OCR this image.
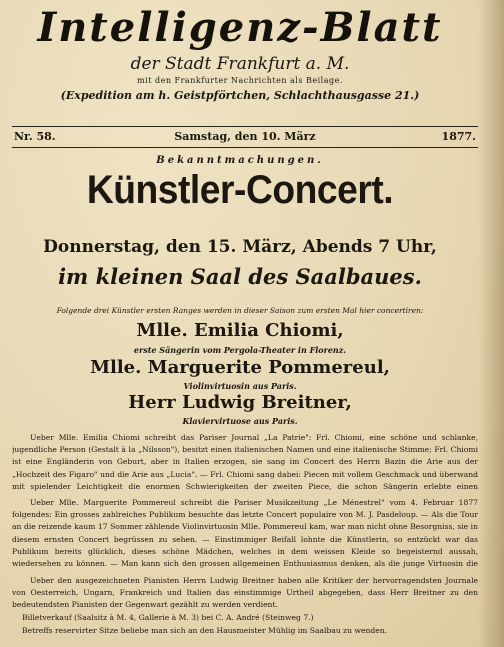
Intelligenz-Blatt
der Stadt Frankfurt a. M.
mit den Frankfurter Nachrichten als Beilage.
(Expedition am h. Geistpförtchen, Schlachthausgasse 21.)
Nr. 58.	Samstag, den 10. März	1877.
Bekanntmachungen.
Künstler-Concert.
Donnerstag, den 15. März, Abends 7 Uhr,
im kleinen Saal des Saalbaues.
Folgende drei Künstler ersten Ranges werden in dieser Saison zum ersten Mal hier concertiren:
Mlle. Emilia Chiomi,
erste Sängerin vom Pergola-Theater in Florenz.
Mlle. Marguerite Pommereul,
Violinvirtuosin aus Paris.
Herr Ludwig Breitner,
Klaviervirtuose aus Paris.
Ueber Mlle. Emilia Chiomi schreibt das Pariser Journal „La Patrie": Frl. Chiomi, eine schöne und schlanke, jugendliche Person (Gestalt à la „Nilsson"), besitzt einen italienischen Namen und eine italienische Stimme; Frl. Chiomi ist eine Engländerin von Geburt, aber in Italien erzogen, sie sang im Concert des Herrn Bazin die Arie aus der „Hochzeit des Figaro" und die Arie aus „Lucia". — Frl. Chiomi sang dabei: Piecen mit vollem Geschmack und überwand mit spielender Leichtigkeit die enormen Schwierigkeiten der zweiten Piece, die schon Sängerin erlebte einen
Ueber Mlle. Marguerite Pommereul schreibt die Pariser Musikzeitung „Le Ménestrel" vom 4. Februar 1877 folgendes: Ein grosses zahlreiches Publikum besuchte das letzte Concert populaire von M. J. Pasdeloup. — Als die Tour an die reizende kaum 17 Sommer zählende Violinvirtuosin Mlle. Pommereul kam, war man nicht ohne Besorgniss, sie in diesem ernsten Concert begrüssen zu sehen. — Einstimmiger Beifall lohnte die Künstlerin, so entzückt war das Publikum bereits glücklich, dieses schöne Mädchen, welches in dem weissen Kleide so begeisternd aussah, wiedersehen zu können. — Man kann sich den grossen allgemeinen Enthusiasmus denken, als die junge Virtuosin die
Ueber den ausgezeichneten Pianisten Herrn Ludwig Breitner haben alle Kritiker der hervorragendsten Journale von Oesterreich, Ungarn, Frankreich und Italien das einstimmige Urtheil abgegeben, dass Herr Breitner zu den bedeutendsten Pianisten der Gegenwart gezählt zu werden verdient.
Billetverkauf (Saalsitz à M. 4, Gallerie à M. 3) bei C. A. André (Steinweg 7.)
Betreffs reservirter Sitze beliebe man sich an den Hausmeister Mühlig im Saalbau zu wenden.
